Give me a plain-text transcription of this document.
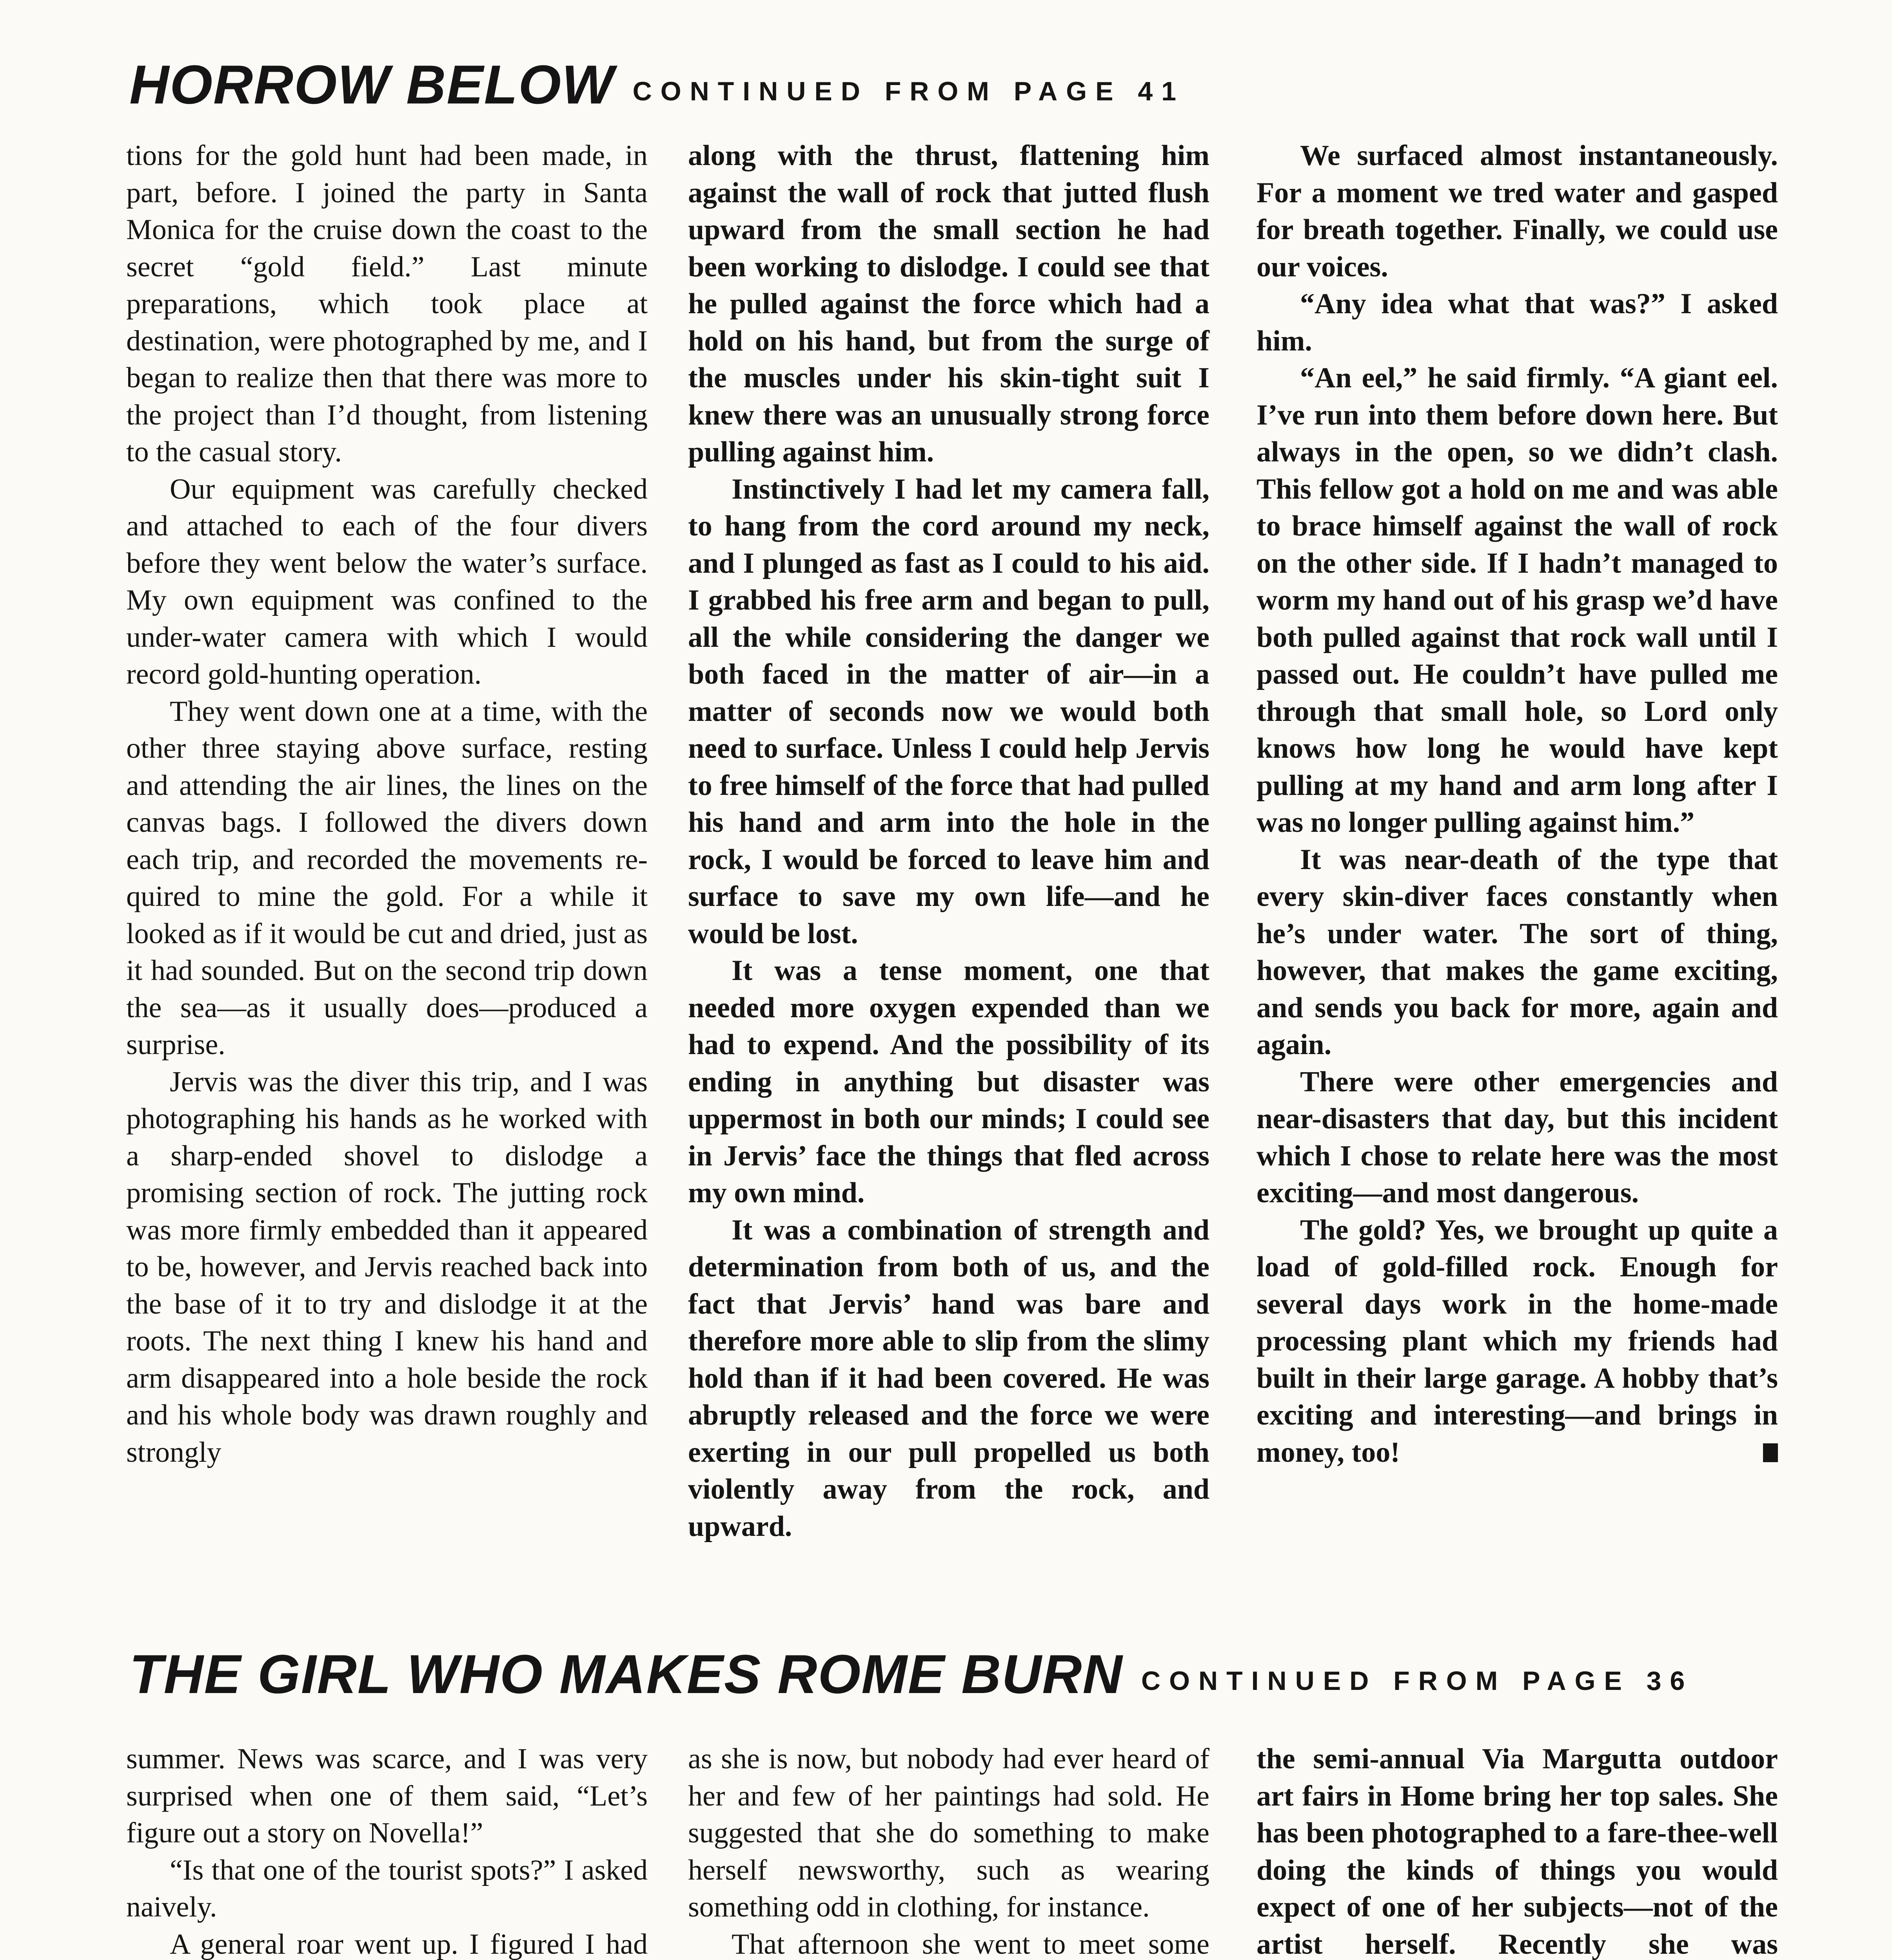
HORROW BELOW CONTINUED FROM PAGE 41

tions for the gold hunt had been made, in part, before. I joined the party in Santa Monica for the cruise down the coast to the secret “gold field.” Last minute preparations, which took place at destination, were photographed by me, and I began to realize then that there was more to the project than I’d thought, from listening to the casual story.

Our equipment was carefully checked and attached to each of the four divers before they went below the water’s surface. My own equipment was confined to the under-water camera with which I would record gold-hunting operation.

They went down one at a time, with the other three staying above surface, resting and attending the air lines, the lines on the canvas bags. I followed the divers down each trip, and recorded the movements required to mine the gold. For a while it looked as if it would be cut and dried, just as it had sounded. But on the second trip down the sea—as it usually does—produced a surprise.

Jervis was the diver this trip, and I was photographing his hands as he worked with a sharp-ended shovel to dislodge a promising section of rock. The jutting rock was more firmly embedded than it appeared to be, however, and Jervis reached back into the base of it to try and dislodge it at the roots. The next thing I knew his hand and arm disappeared into a hole beside the rock and his whole body was drawn roughly and strongly

along with the thrust, flattening him against the wall of rock that jutted flush upward from the small section he had been working to dislodge. I could see that he pulled against the force which had a hold on his hand, but from the surge of the muscles under his skin-tight suit I knew there was an unusually strong force pulling against him.

Instinctively I had let my camera fall, to hang from the cord around my neck, and I plunged as fast as I could to his aid. I grabbed his free arm and began to pull, all the while considering the danger we both faced in the matter of air—in a matter of seconds now we would both need to surface. Unless I could help Jervis to free himself of the force that had pulled his hand and arm into the hole in the rock, I would be forced to leave him and surface to save my own life—and he would be lost.

It was a tense moment, one that needed more oxygen expended than we had to expend. And the possibility of its ending in anything but disaster was uppermost in both our minds; I could see in Jervis’ face the things that fled across my own mind.

It was a combination of strength and determination from both of us, and the fact that Jervis’ hand was bare and therefore more able to slip from the slimy hold than if it had been covered. He was abruptly released and the force we were exerting in our pull propelled us both violently away from the rock, and upward.

We surfaced almost instantaneously. For a moment we tred water and gasped for breath together. Finally, we could use our voices.

“Any idea what that was?” I asked him.

“An eel,” he said firmly. “A giant eel. I’ve run into them before down here. But always in the open, so we didn’t clash. This fellow got a hold on me and was able to brace himself against the wall of rock on the other side. If I hadn’t managed to worm my hand out of his grasp we’d have both pulled against that rock wall until I passed out. He couldn’t have pulled me through that small hole, so Lord only knows how long he would have kept pulling at my hand and arm long after I was no longer pulling against him.”

It was near-death of the type that every skin-diver faces constantly when he’s under water. The sort of thing, however, that makes the game exciting, and sends you back for more, again and again.

There were other emergencies and near-disasters that day, but this incident which I chose to relate here was the most exciting—and most dangerous.

The gold? Yes, we brought up quite a load of gold-filled rock. Enough for several days work in the home-made processing plant which my friends had built in their large garage. A hobby that’s exciting and interesting—and brings in money, too!

THE GIRL WHO MAKES ROME BURN CONTINUED FROM PAGE 36

summer. News was scarce, and I was very surprised when one of them said, “Let’s figure out a story on Novella!”

“Is that one of the tourist spots?” I asked naively.

A general roar went up. I figured I had

as she is now, but nobody had ever heard of her and few of her paintings had sold. He suggested that she do something to make herself newsworthy, such as wearing something odd in clothing, for instance.

That afternoon she went to meet some

the semi-annual Via Margutta outdoor art fairs in Home bring her top sales. She has been photographed to a fare-thee-well doing the kinds of things you would expect of one of her subjects—not of the artist herself. Recently she was
